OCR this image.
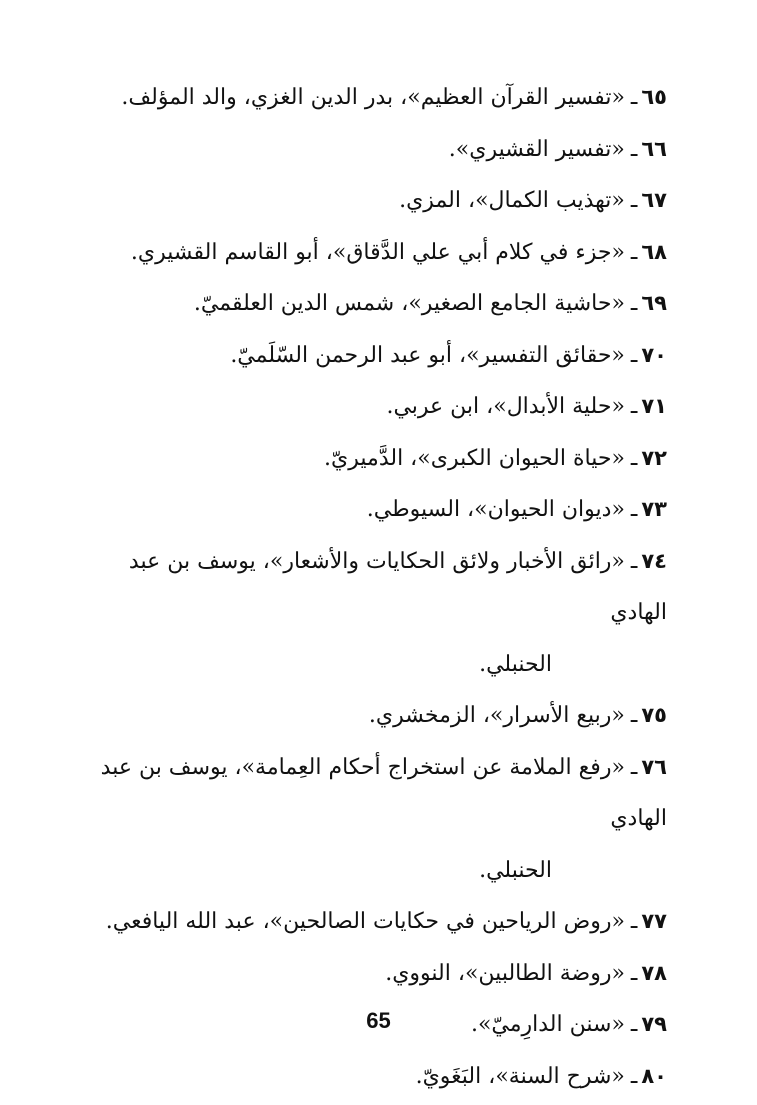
٦٥ـ«تفسير القرآن العظيم»، بدر الدين الغزي، والد المؤلف.
٦٦ـ«تفسير القشيري».
٦٧ـ«تهذيب الكمال»، المزي.
٦٨ـ«جزء في كلام أبي علي الدَّقاق»، أبو القاسم القشيري.
٦٩ـ«حاشية الجامع الصغير»، شمس الدين العلقميّ.
٧٠ـ«حقائق التفسير»، أبو عبد الرحمن السّلَميّ.
٧١ـ«حلية الأبدال»، ابن عربي.
٧٢ـ«حياة الحيوان الكبرى»، الدَّميريّ.
٧٣ـ«ديوان الحيوان»، السيوطي.
٧٤ـ«رائق الأخبار ولائق الحكايات والأشعار»، يوسف بن عبد الهادي
الحنبلي.
٧٥ـ«ربيع الأسرار»، الزمخشري.
٧٦ـ«رفع الملامة عن استخراج أحكام العِمامة»، يوسف بن عبد الهادي
الحنبلي.
٧٧ـ«روض الرياحين في حكايات الصالحين»، عبد الله اليافعي.
٧٨ـ«روضة الطالبين»، النووي.
٧٩ـ«سنن الدارِميّ».
٨٠ـ«شرح السنة»، البَغَويّ.
65
